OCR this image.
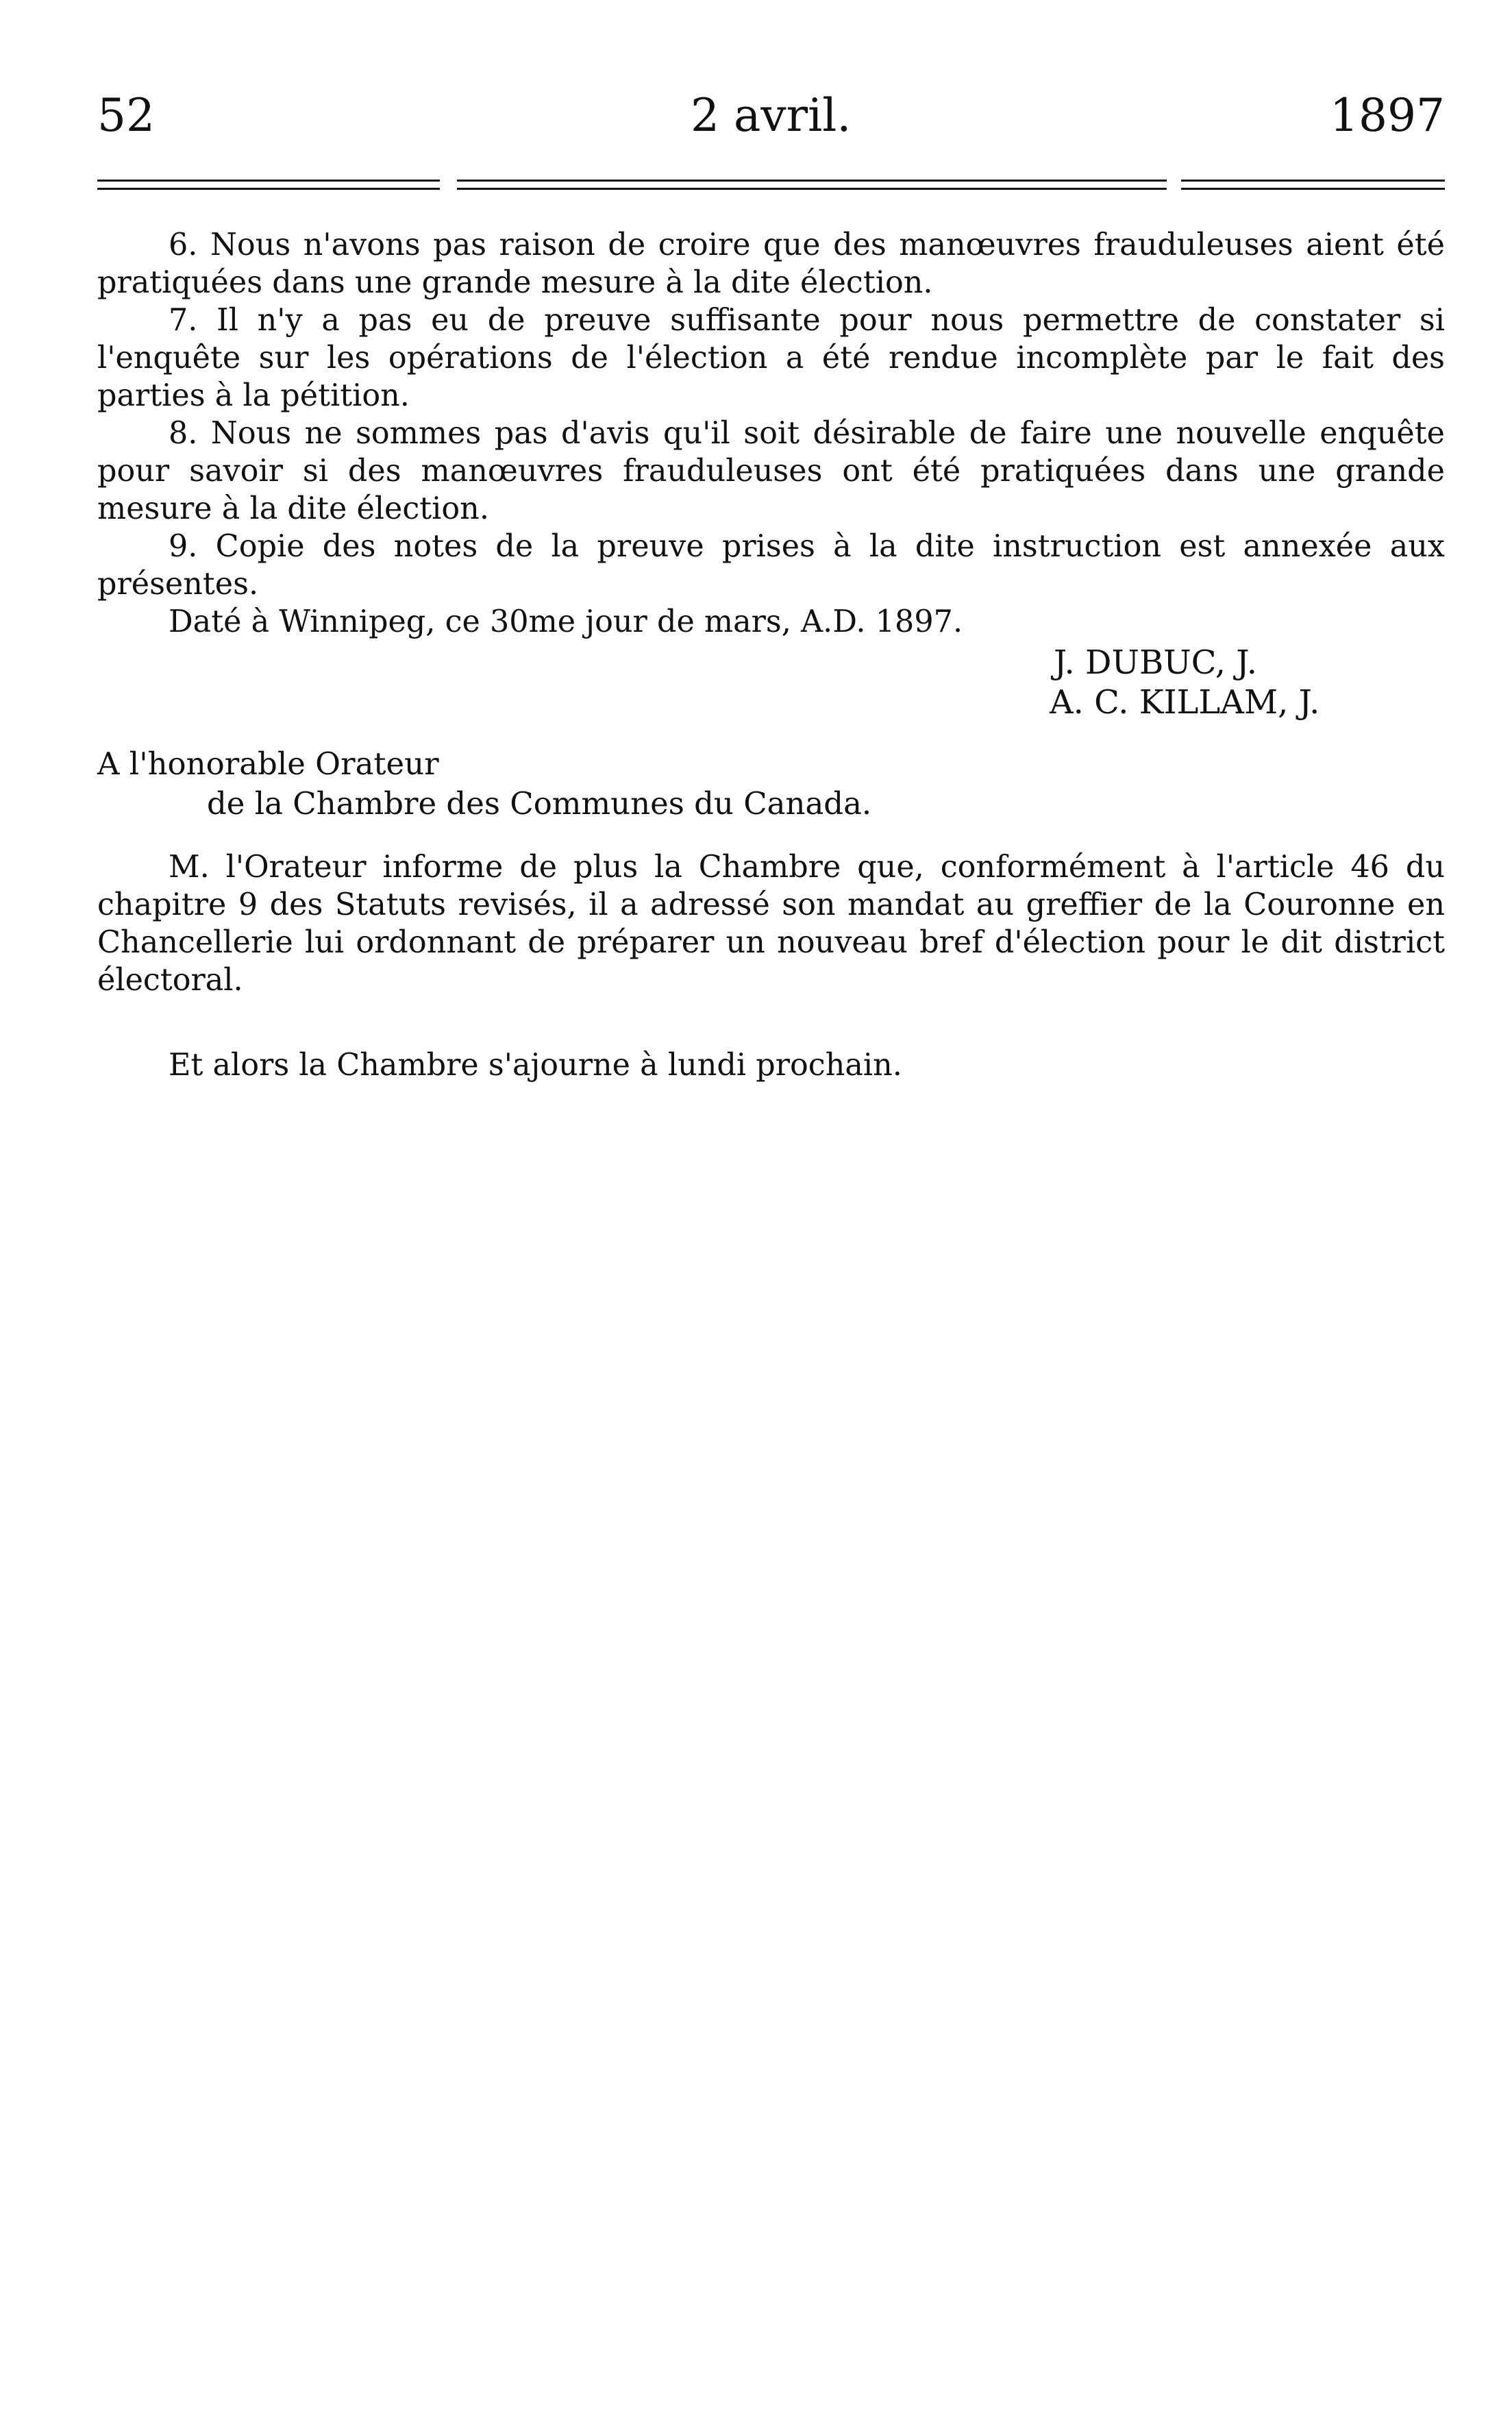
52	2 avril.	1897

6. Nous n'avons pas raison de croire que des manœuvres frauduleuses aient été pratiquées dans une grande mesure à la dite élection.

7. Il n'y a pas eu de preuve suffisante pour nous permettre de constater si l'enquête sur les opérations de l'élection a été rendue incomplète par le fait des parties à la pétition.

8. Nous ne sommes pas d'avis qu'il soit désirable de faire une nouvelle enquête pour savoir si des manœuvres frauduleuses ont été pratiquées dans une grande mesure à la dite élection.

9. Copie des notes de la preuve prises à la dite instruction est annexée aux présentes.

Daté à Winnipeg, ce 30me jour de mars, A.D. 1897.

J. DUBUC, J.
A. C. KILLAM, J.
A l'honorable Orateur
de la Chambre des Communes du Canada.

M. l'Orateur informe de plus la Chambre que, conformément à l'article 46 du chapitre 9 des Statuts revisés, il a adressé son mandat au greffier de la Couronne en Chancellerie lui ordonnant de préparer un nouveau bref d'élection pour le dit district électoral.

Et alors la Chambre s'ajourne à lundi prochain.
